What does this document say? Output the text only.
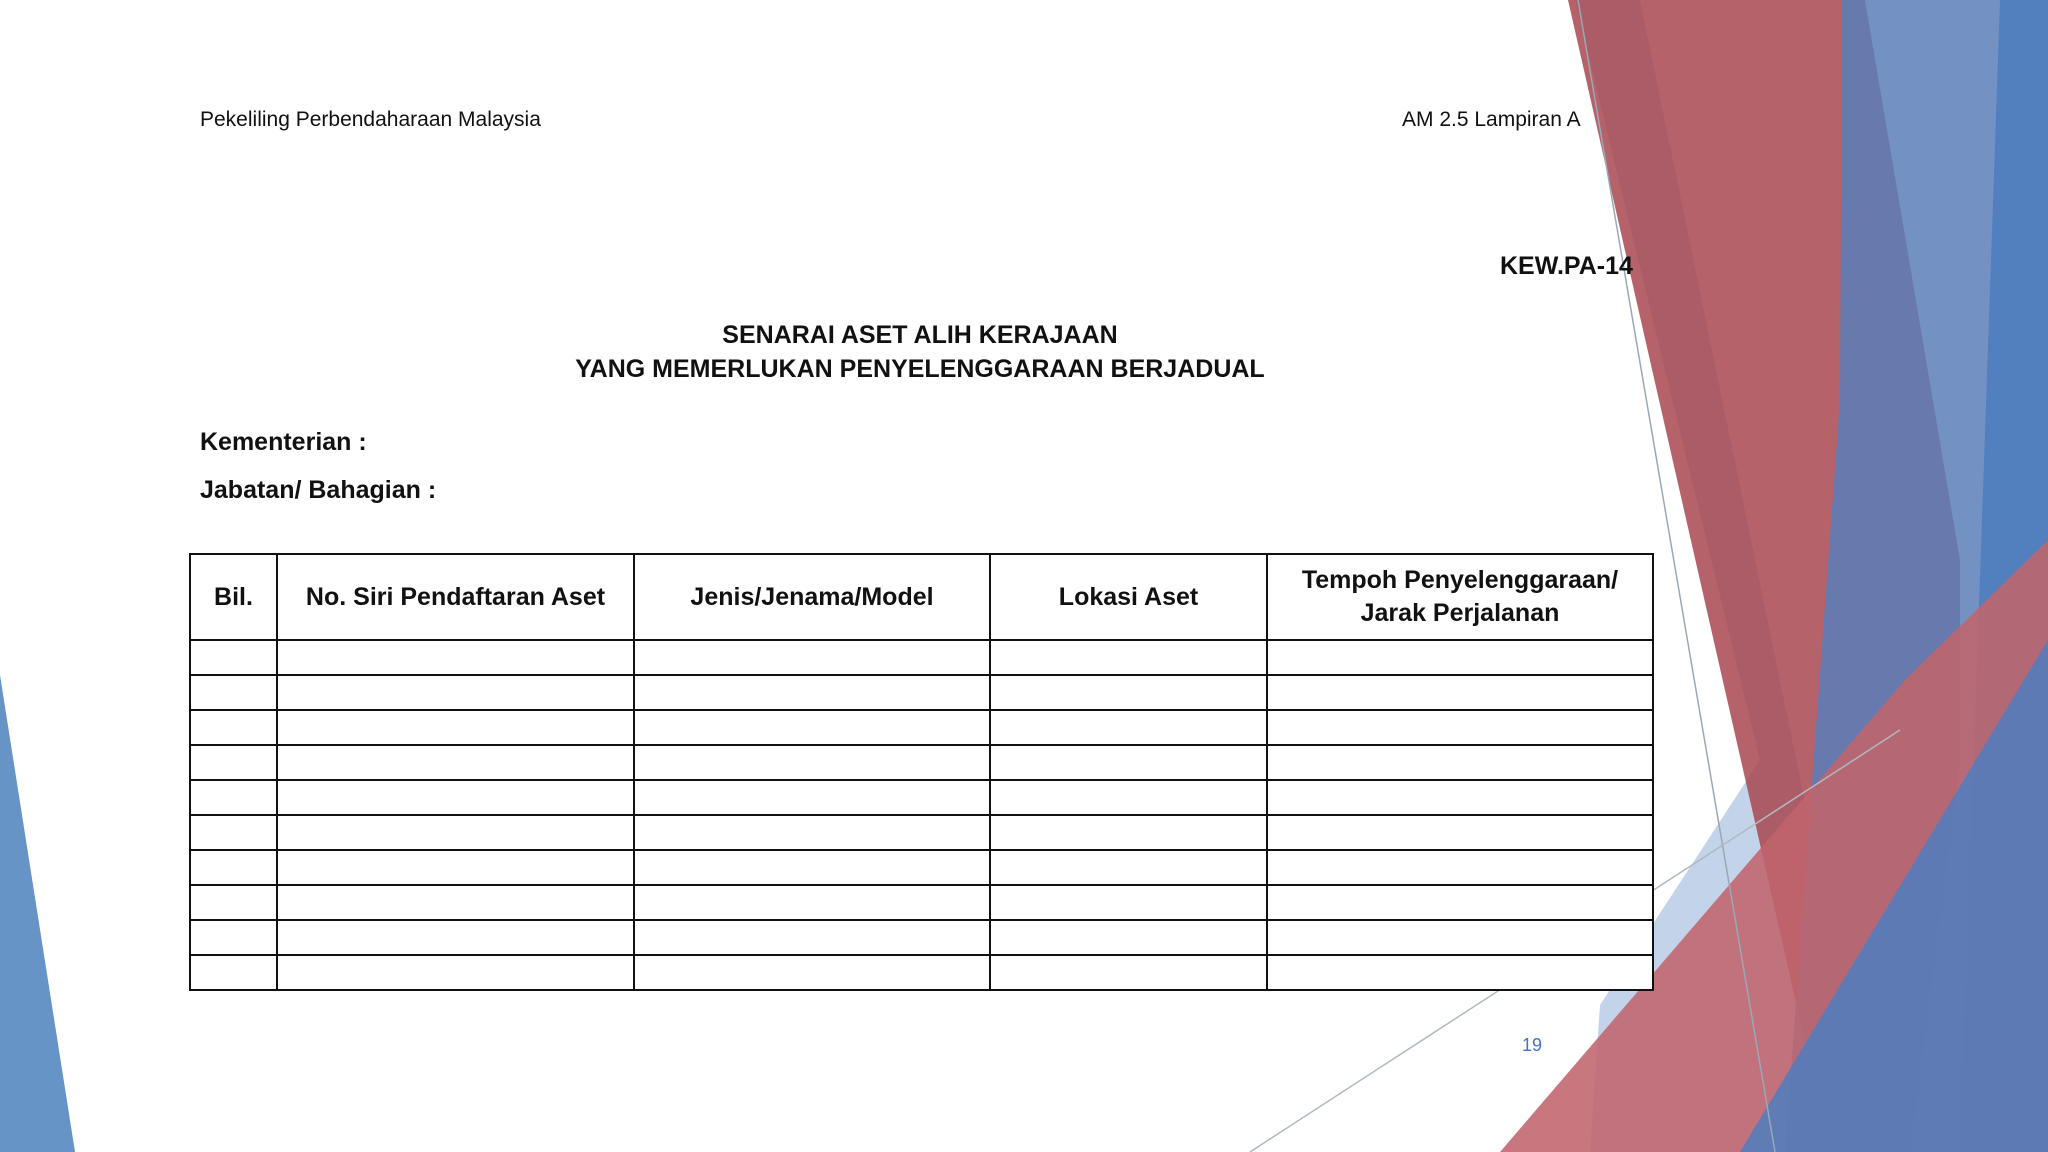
Pekeliling Perbendaharaan Malaysia	AM 2.5 Lampiran A
KEW.PA-14
SENARAI ASET ALIH KERAJAAN
YANG MEMERLUKAN PENYELENGGARAAN BERJADUAL
Kementerian :
Jabatan/ Bahagian :
Bil.	No. Siri Pendaftaran Aset	Jenis/Jenama/Model	Lokasi Aset	Tempoh Penyelenggaraan/
Jarak Perjalanan

19
